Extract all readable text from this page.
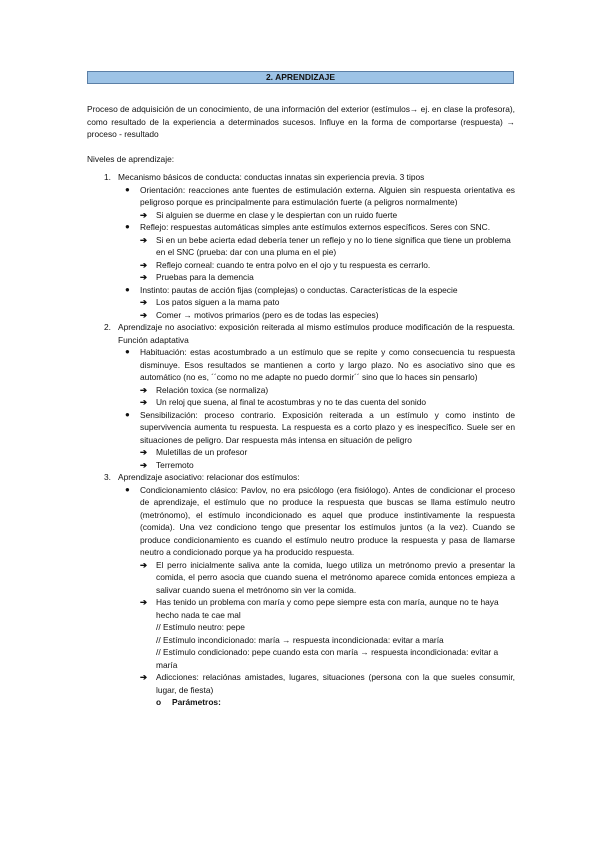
2. APRENDIZAJE

Proceso de adquisición de un conocimiento, de una información del exterior (estímulos→ ej. en clase la profesora), como resultado de la experiencia a determinados sucesos. Influye en la forma de comportarse (respuesta) → proceso - resultado

Niveles de aprendizaje:

1. Mecanismo básicos de conducta: conductas innatas sin experiencia previa. 3 tipos

● Orientación: reacciones ante fuentes de estimulación externa. Alguien sin respuesta orientativa es peligroso porque es principalmente para estimulación fuerte (a peligros normalmente)

➔ Si alguien se duerme en clase y le despiertan con un ruido fuerte

● Reflejo: respuestas automáticas simples ante estímulos externos específicos. Seres con SNC.

➔ Si en un bebe acierta edad debería tener un reflejo y no lo tiene significa que tiene un problema en el SNC (prueba: dar con una pluma en el pie)

➔ Reflejo corneal: cuando te entra polvo en el ojo y tu respuesta es cerrarlo.

➔ Pruebas para la demencia

● Instinto: pautas de acción fijas (complejas) o conductas. Características de la especie

➔ Los patos siguen a la mama pato

➔ Comer → motivos primarios (pero es de todas las especies)

2. Aprendizaje no asociativo: exposición reiterada al mismo estímulos produce modificación de la respuesta. Función adaptativa

● Habituación: estas acostumbrado a un estímulo que se repite y como consecuencia tu respuesta disminuye. Esos resultados se mantienen a corto y largo plazo. No es asociativo sino que es automático (no es, ´´como no me adapte no puedo dormir´´ sino que lo haces sin pensarlo)

➔ Relación toxica (se normaliza)

➔ Un reloj que suena, al final te acostumbras y no te das cuenta del sonido

● Sensibilización: proceso contrario. Exposición reiterada a un estímulo y como instinto de supervivencia aumenta tu respuesta. La respuesta es a corto plazo y es inespecífico. Suele ser en situaciones de peligro. Dar respuesta más intensa en situación de peligro

➔ Muletillas de un profesor

➔ Terremoto

3. Aprendizaje asociativo: relacionar dos estímulos:

● Condicionamiento clásico: Pavlov, no era psicólogo (era fisiólogo). Antes de condicionar el proceso de aprendizaje, el estímulo que no produce la respuesta que buscas se llama estímulo neutro (metrónomo), el estímulo incondicionado es aquel que produce instintivamente la respuesta (comida). Una vez condiciono tengo que presentar los estímulos juntos (a la vez). Cuando se produce condicionamiento es cuando el estímulo neutro produce la respuesta y pasa de llamarse neutro a condicionado porque ya ha producido respuesta.

➔ El perro inicialmente saliva ante la comida, luego utiliza un metrónomo previo a presentar la comida, el perro asocia que cuando suena el metrónomo aparece comida entonces empieza a salivar cuando suena el metrónomo sin ver la comida.

➔ Has tenido un problema con maría y como pepe siempre esta con maría, aunque no te haya hecho nada te cae mal

// Estímulo neutro: pepe

// Estímulo incondicionado: maría → respuesta incondicionada: evitar a maría

// Estímulo condicionado: pepe cuando esta con maría → respuesta incondicionada: evitar a maría

➔ Adicciones: relaciónas amistades, lugares, situaciones (persona con la que sueles consumir, lugar, de fiesta)

o Parámetros:
